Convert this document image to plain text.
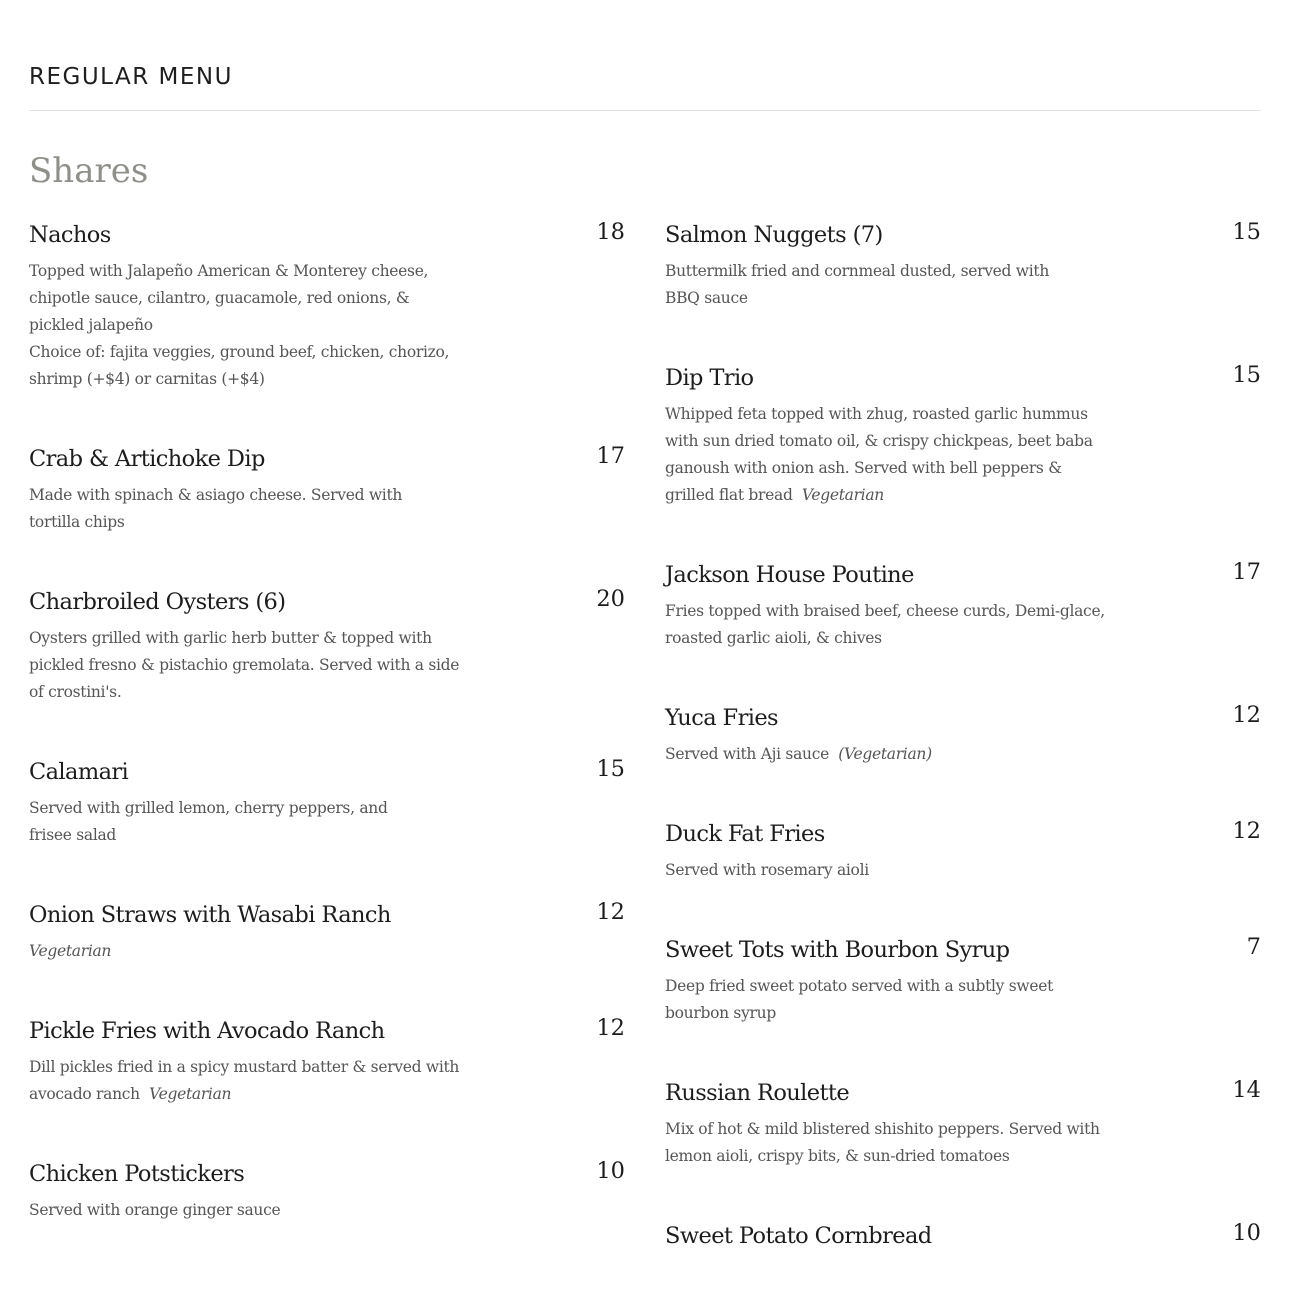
REGULAR MENU
Shares
Nachos	18
Topped with Jalapeño American & Monterey cheese,
chipotle sauce, cilantro, guacamole, red onions, &
pickled jalapeño
Choice of: fajita veggies, ground beef, chicken, chorizo,
shrimp (+$4) or carnitas (+$4)
Crab & Artichoke Dip	17
Made with spinach & asiago cheese. Served with
tortilla chips
Charbroiled Oysters (6)	20
Oysters grilled with garlic herb butter & topped with
pickled fresno & pistachio gremolata. Served with a side
of crostini's.
Calamari	15
Served with grilled lemon, cherry peppers, and
frisee salad
Onion Straws with Wasabi Ranch	12
Vegetarian
Pickle Fries with Avocado Ranch	12
Dill pickles fried in a spicy mustard batter & served with
avocado ranch Vegetarian
Chicken Potstickers	10
Served with orange ginger sauce
Salmon Nuggets (7)	15
Buttermilk fried and cornmeal dusted, served with
BBQ sauce
Dip Trio	15
Whipped feta topped with zhug, roasted garlic hummus
with sun dried tomato oil, & crispy chickpeas, beet baba
ganoush with onion ash. Served with bell peppers &
grilled flat bread Vegetarian
Jackson House Poutine	17
Fries topped with braised beef, cheese curds, Demi-glace,
roasted garlic aioli, & chives
Yuca Fries	12
Served with Aji sauce (Vegetarian)
Duck Fat Fries	12
Served with rosemary aioli
Sweet Tots with Bourbon Syrup	7
Deep fried sweet potato served with a subtly sweet
bourbon syrup
Russian Roulette	14
Mix of hot & mild blistered shishito peppers. Served with
lemon aioli, crispy bits, & sun-dried tomatoes
Sweet Potato Cornbread	10
